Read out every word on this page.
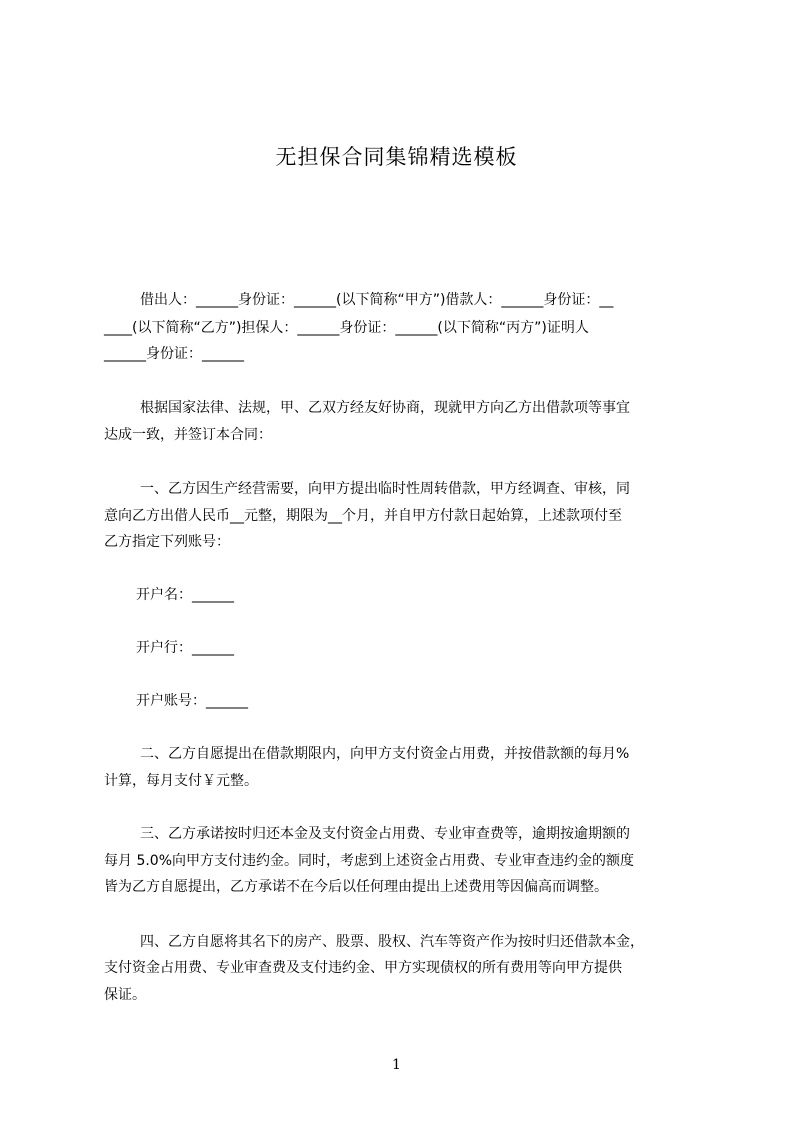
无担保合同集锦精选模板
借出人：______身份证：______(以下简称“甲方”)借款人：______身份证：__
____(以下简称“乙方”)担保人：______身份证：______(以下简称“丙方”)证明人
______身份证：______
根据国家法律、法规，甲、乙双方经友好协商，现就甲方向乙方出借款项等事宜
达成一致，并签订本合同：
一、乙方因生产经营需要，向甲方提出临时性周转借款，甲方经调查、审核，同
意向乙方出借人民币__元整，期限为__个月，并自甲方付款日起始算，上述款项付至
乙方指定下列账号：
开户名：______
开户行：______
开户账号：______
二、乙方自愿提出在借款期限内，向甲方支付资金占用费，并按借款额的每月%
计算，每月支付￥元整。
三、乙方承诺按时归还本金及支付资金占用费、专业审查费等，逾期按逾期额的
每月 5.0%向甲方支付违约金。同时，考虑到上述资金占用费、专业审查违约金的额度
皆为乙方自愿提出，乙方承诺不在今后以任何理由提出上述费用等因偏高而调整。
四、乙方自愿将其名下的房产、股票、股权、汽车等资产作为按时归还借款本金，
支付资金占用费、专业审查费及支付违约金、甲方实现债权的所有费用等向甲方提供
保证。
1
